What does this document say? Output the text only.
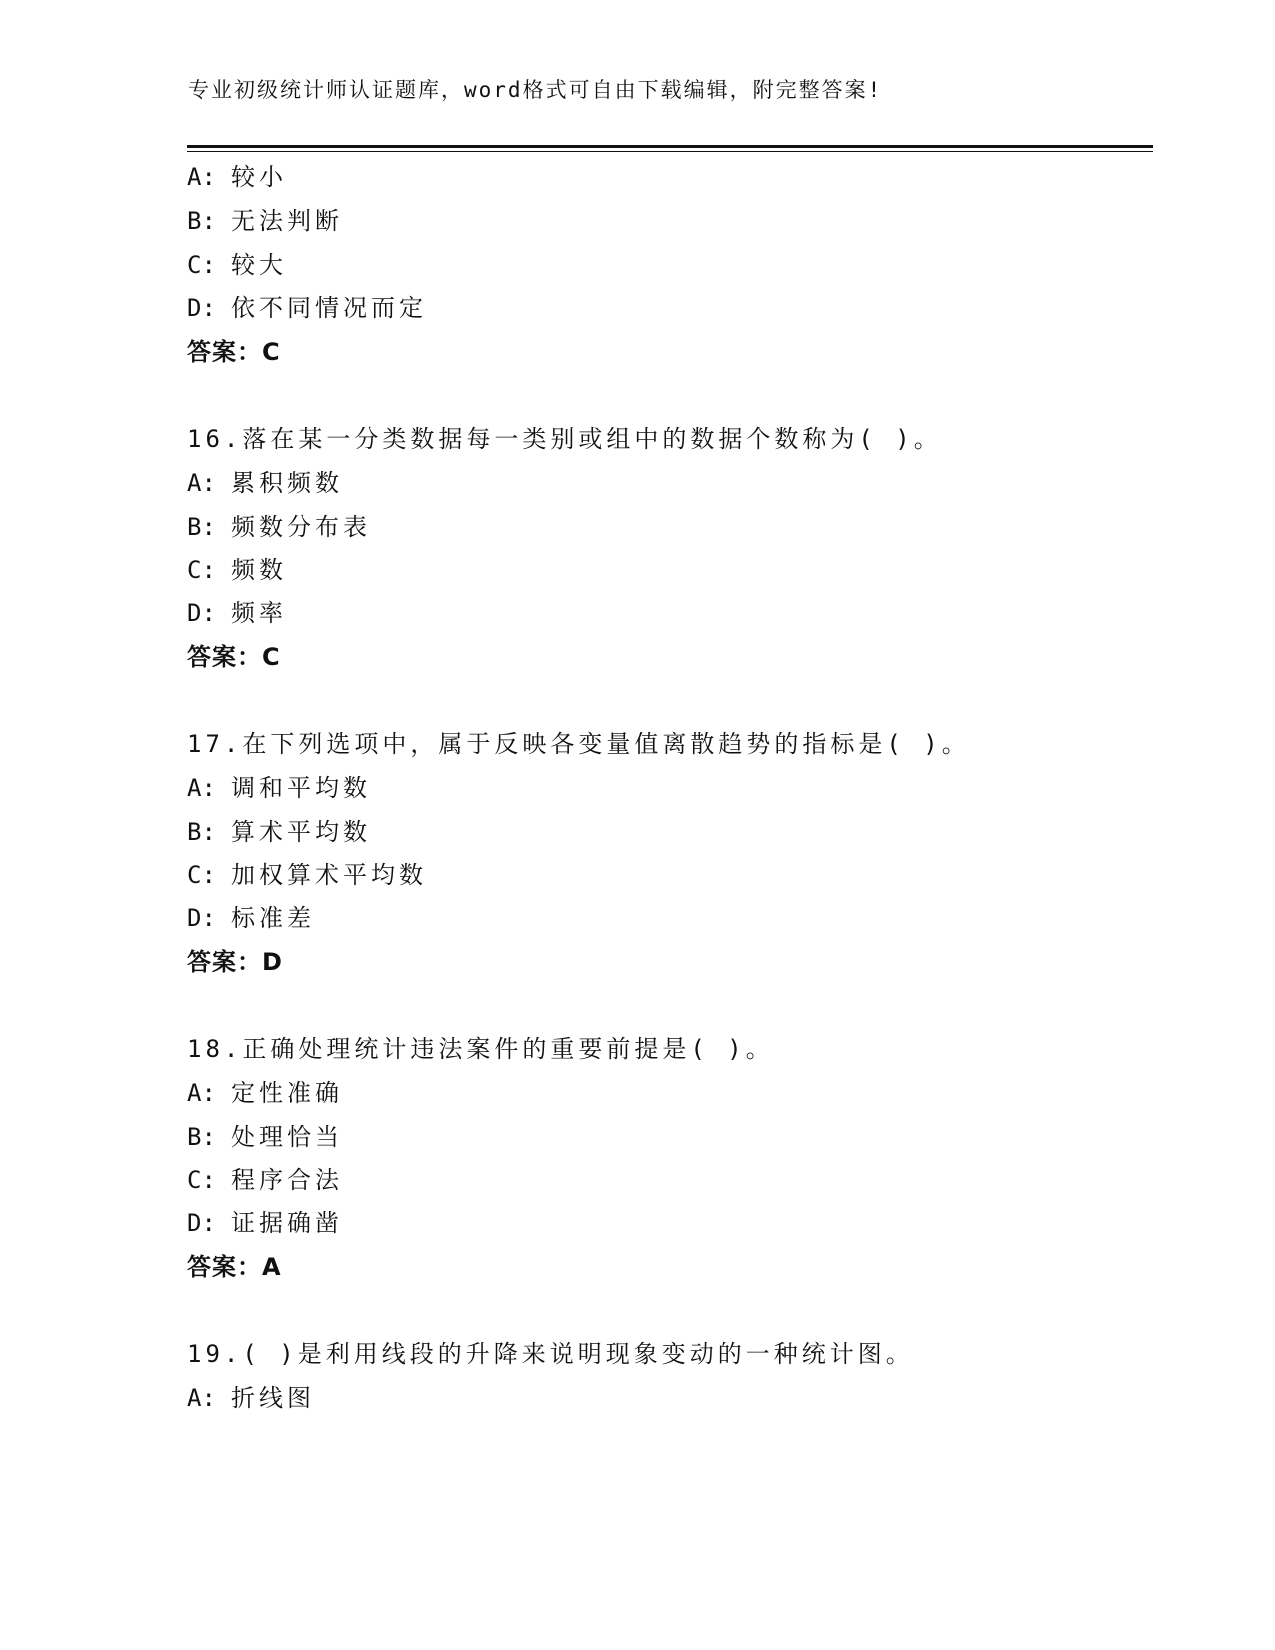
专业初级统计师认证题库，word格式可自由下载编辑，附完整答案!
A: 较小
B: 无法判断
C: 较大
D: 依不同情况而定
答案：C
16.落在某一分类数据每一类别或组中的数据个数称为( )。
A: 累积频数
B: 频数分布表
C: 频数
D: 频率
答案：C
17.在下列选项中，属于反映各变量值离散趋势的指标是( )。
A: 调和平均数
B: 算术平均数
C: 加权算术平均数
D: 标准差
答案：D
18.正确处理统计违法案件的重要前提是( )。
A: 定性准确
B: 处理恰当
C: 程序合法
D: 证据确凿
答案：A
19.( )是利用线段的升降来说明现象变动的一种统计图。
A: 折线图
